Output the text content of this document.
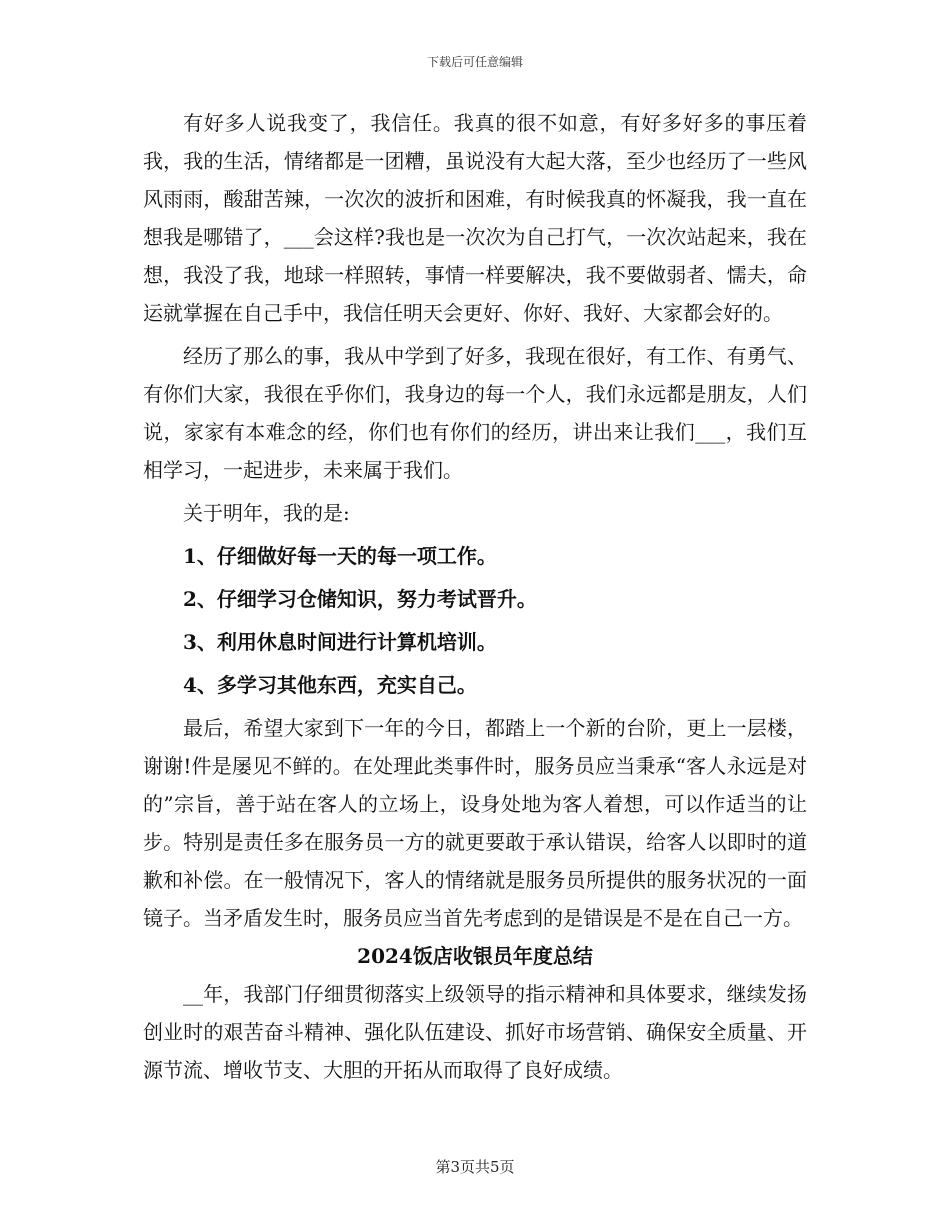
下载后可任意编辑

有好多人说我变了，我信任。我真的很不如意，有好多好多的事压着我，我的生活，情绪都是一团糟，虽说没有大起大落，至少也经历了一些风风雨雨，酸甜苦辣，一次次的波折和困难，有时候我真的怀凝我，我一直在想我是哪错了，___会这样?我也是一次次为自己打气，一次次站起来，我在想，我没了我，地球一样照转，事情一样要解决，我不要做弱者、懦夫，命运就掌握在自己手中，我信任明天会更好、你好、我好、大家都会好的。

经历了那么的事，我从中学到了好多，我现在很好，有工作、有勇气、有你们大家，我很在乎你们，我身边的每一个人，我们永远都是朋友，人们说，家家有本难念的经，你们也有你们的经历，讲出来让我们___，我们互相学习，一起进步，未来属于我们。

关于明年，我的是:

1、仔细做好每一天的每一项工作。

2、仔细学习仓储知识，努力考试晋升。

3、利用休息时间进行计算机培训。

4、多学习其他东西，充实自己。

最后，希望大家到下一年的今日，都踏上一个新的台阶，更上一层楼，谢谢!件是屡见不鲜的。在处理此类事件时，服务员应当秉承“客人永远是对的”宗旨，善于站在客人的立场上，设身处地为客人着想，可以作适当的让步。特别是责任多在服务员一方的就更要敢于承认错误，给客人以即时的道歉和补偿。在一般情况下，客人的情绪就是服务员所提供的服务状况的一面镜子。当矛盾发生时，服务员应当首先考虑到的是错误是不是在自己一方。

2024饭店收银员年度总结

__年，我部门仔细贯彻落实上级领导的指示精神和具体要求，继续发扬创业时的艰苦奋斗精神、强化队伍建设、抓好市场营销、确保安全质量、开源节流、增收节支、大胆的开拓从而取得了良好成绩。

第3页共5页
